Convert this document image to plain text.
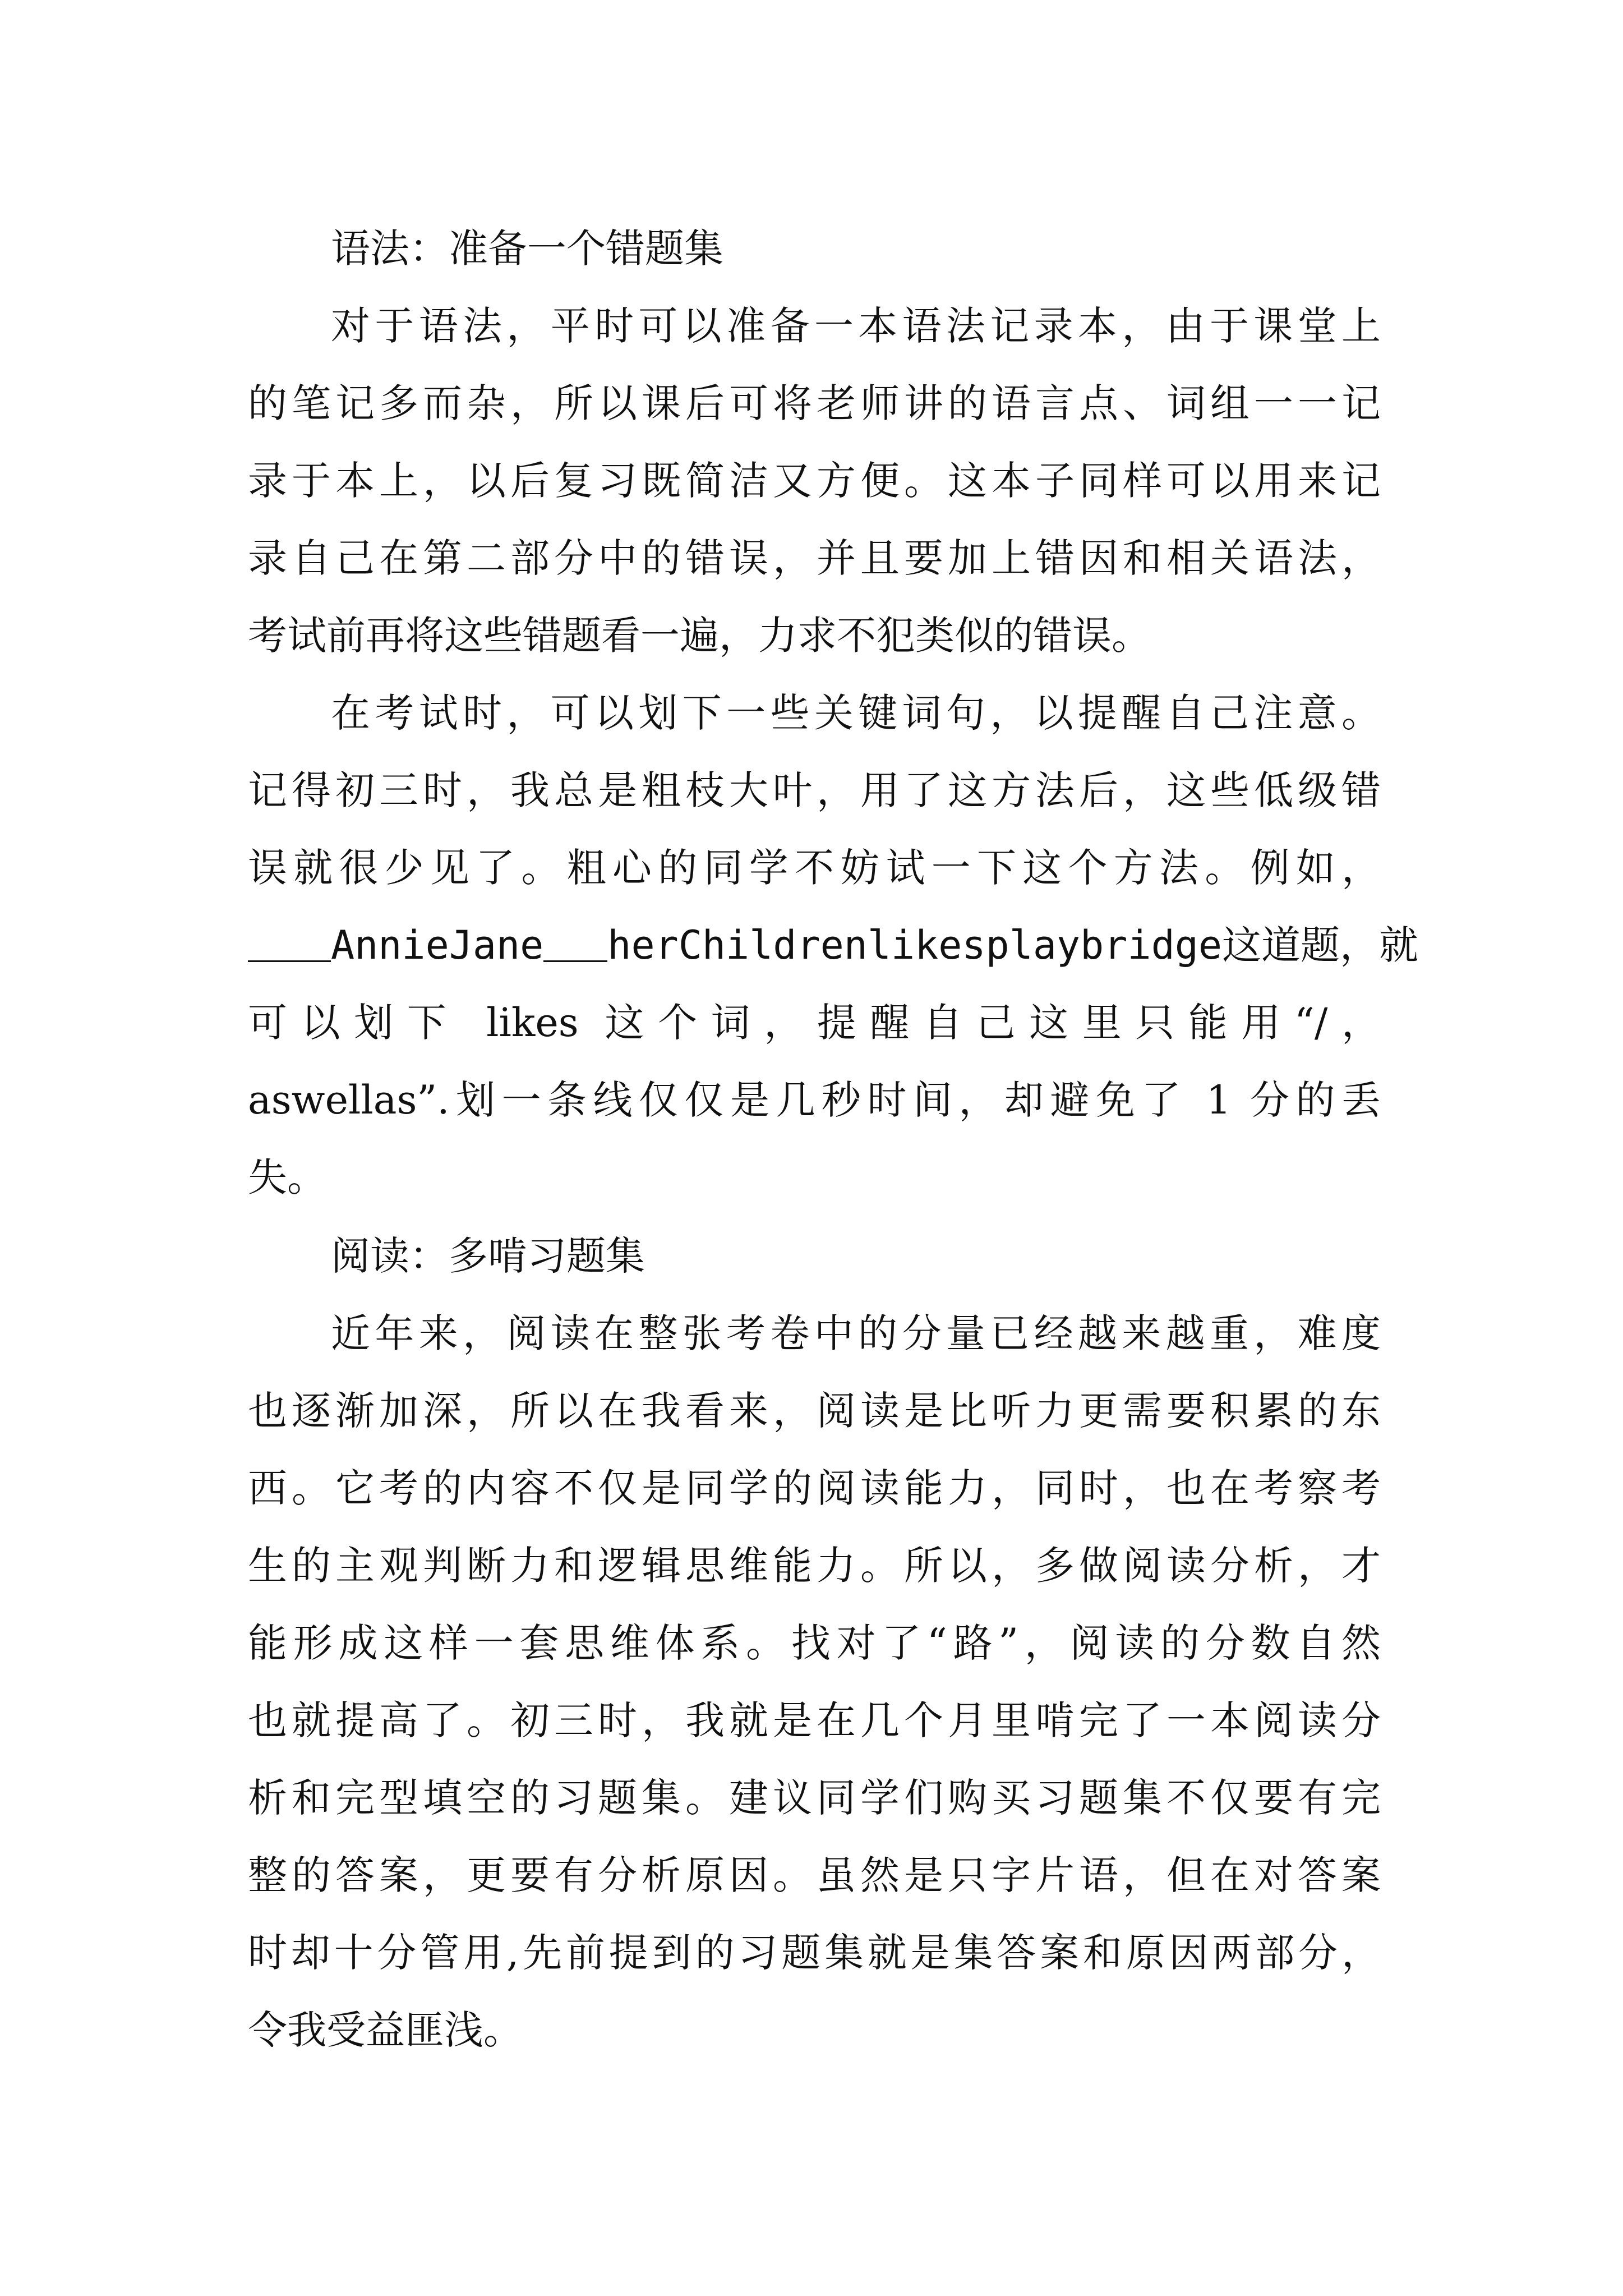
语法：准备一个错题集
对于语法，平时可以准备一本语法记录本，由于课堂上
的笔记多而杂，所以课后可将老师讲的语言点、词组一一记
录于本上，以后复习既简洁又方便。这本子同样可以用来记
录自己在第二部分中的错误，并且要加上错因和相关语法，
考试前再将这些错题看一遍，力求不犯类似的错误。
在考试时，可以划下一些关键词句，以提醒自己注意。
记得初三时，我总是粗枝大叶，用了这方法后，这些低级错
误就很少见了。粗心的同学不妨试一下这个方法。例如，
AnnieJane herChildrenlikesplaybridge这道题，就
可以划下 likes 这个词，提醒自己这里只能用“/，
aswellas”.划一条线仅仅是几秒时间，却避免了 1 分的丢
失。
阅读：多啃习题集
近年来，阅读在整张考卷中的分量已经越来越重，难度
也逐渐加深，所以在我看来，阅读是比听力更需要积累的东
西。它考的内容不仅是同学的阅读能力，同时，也在考察考
生的主观判断力和逻辑思维能力。所以，多做阅读分析，才
能形成这样一套思维体系。找对了“路”，阅读的分数自然
也就提高了。初三时，我就是在几个月里啃完了一本阅读分
析和完型填空的习题集。建议同学们购买习题集不仅要有完
整的答案，更要有分析原因。虽然是只字片语，但在对答案
时却十分管用,先前提到的习题集就是集答案和原因两部分，
令我受益匪浅。
